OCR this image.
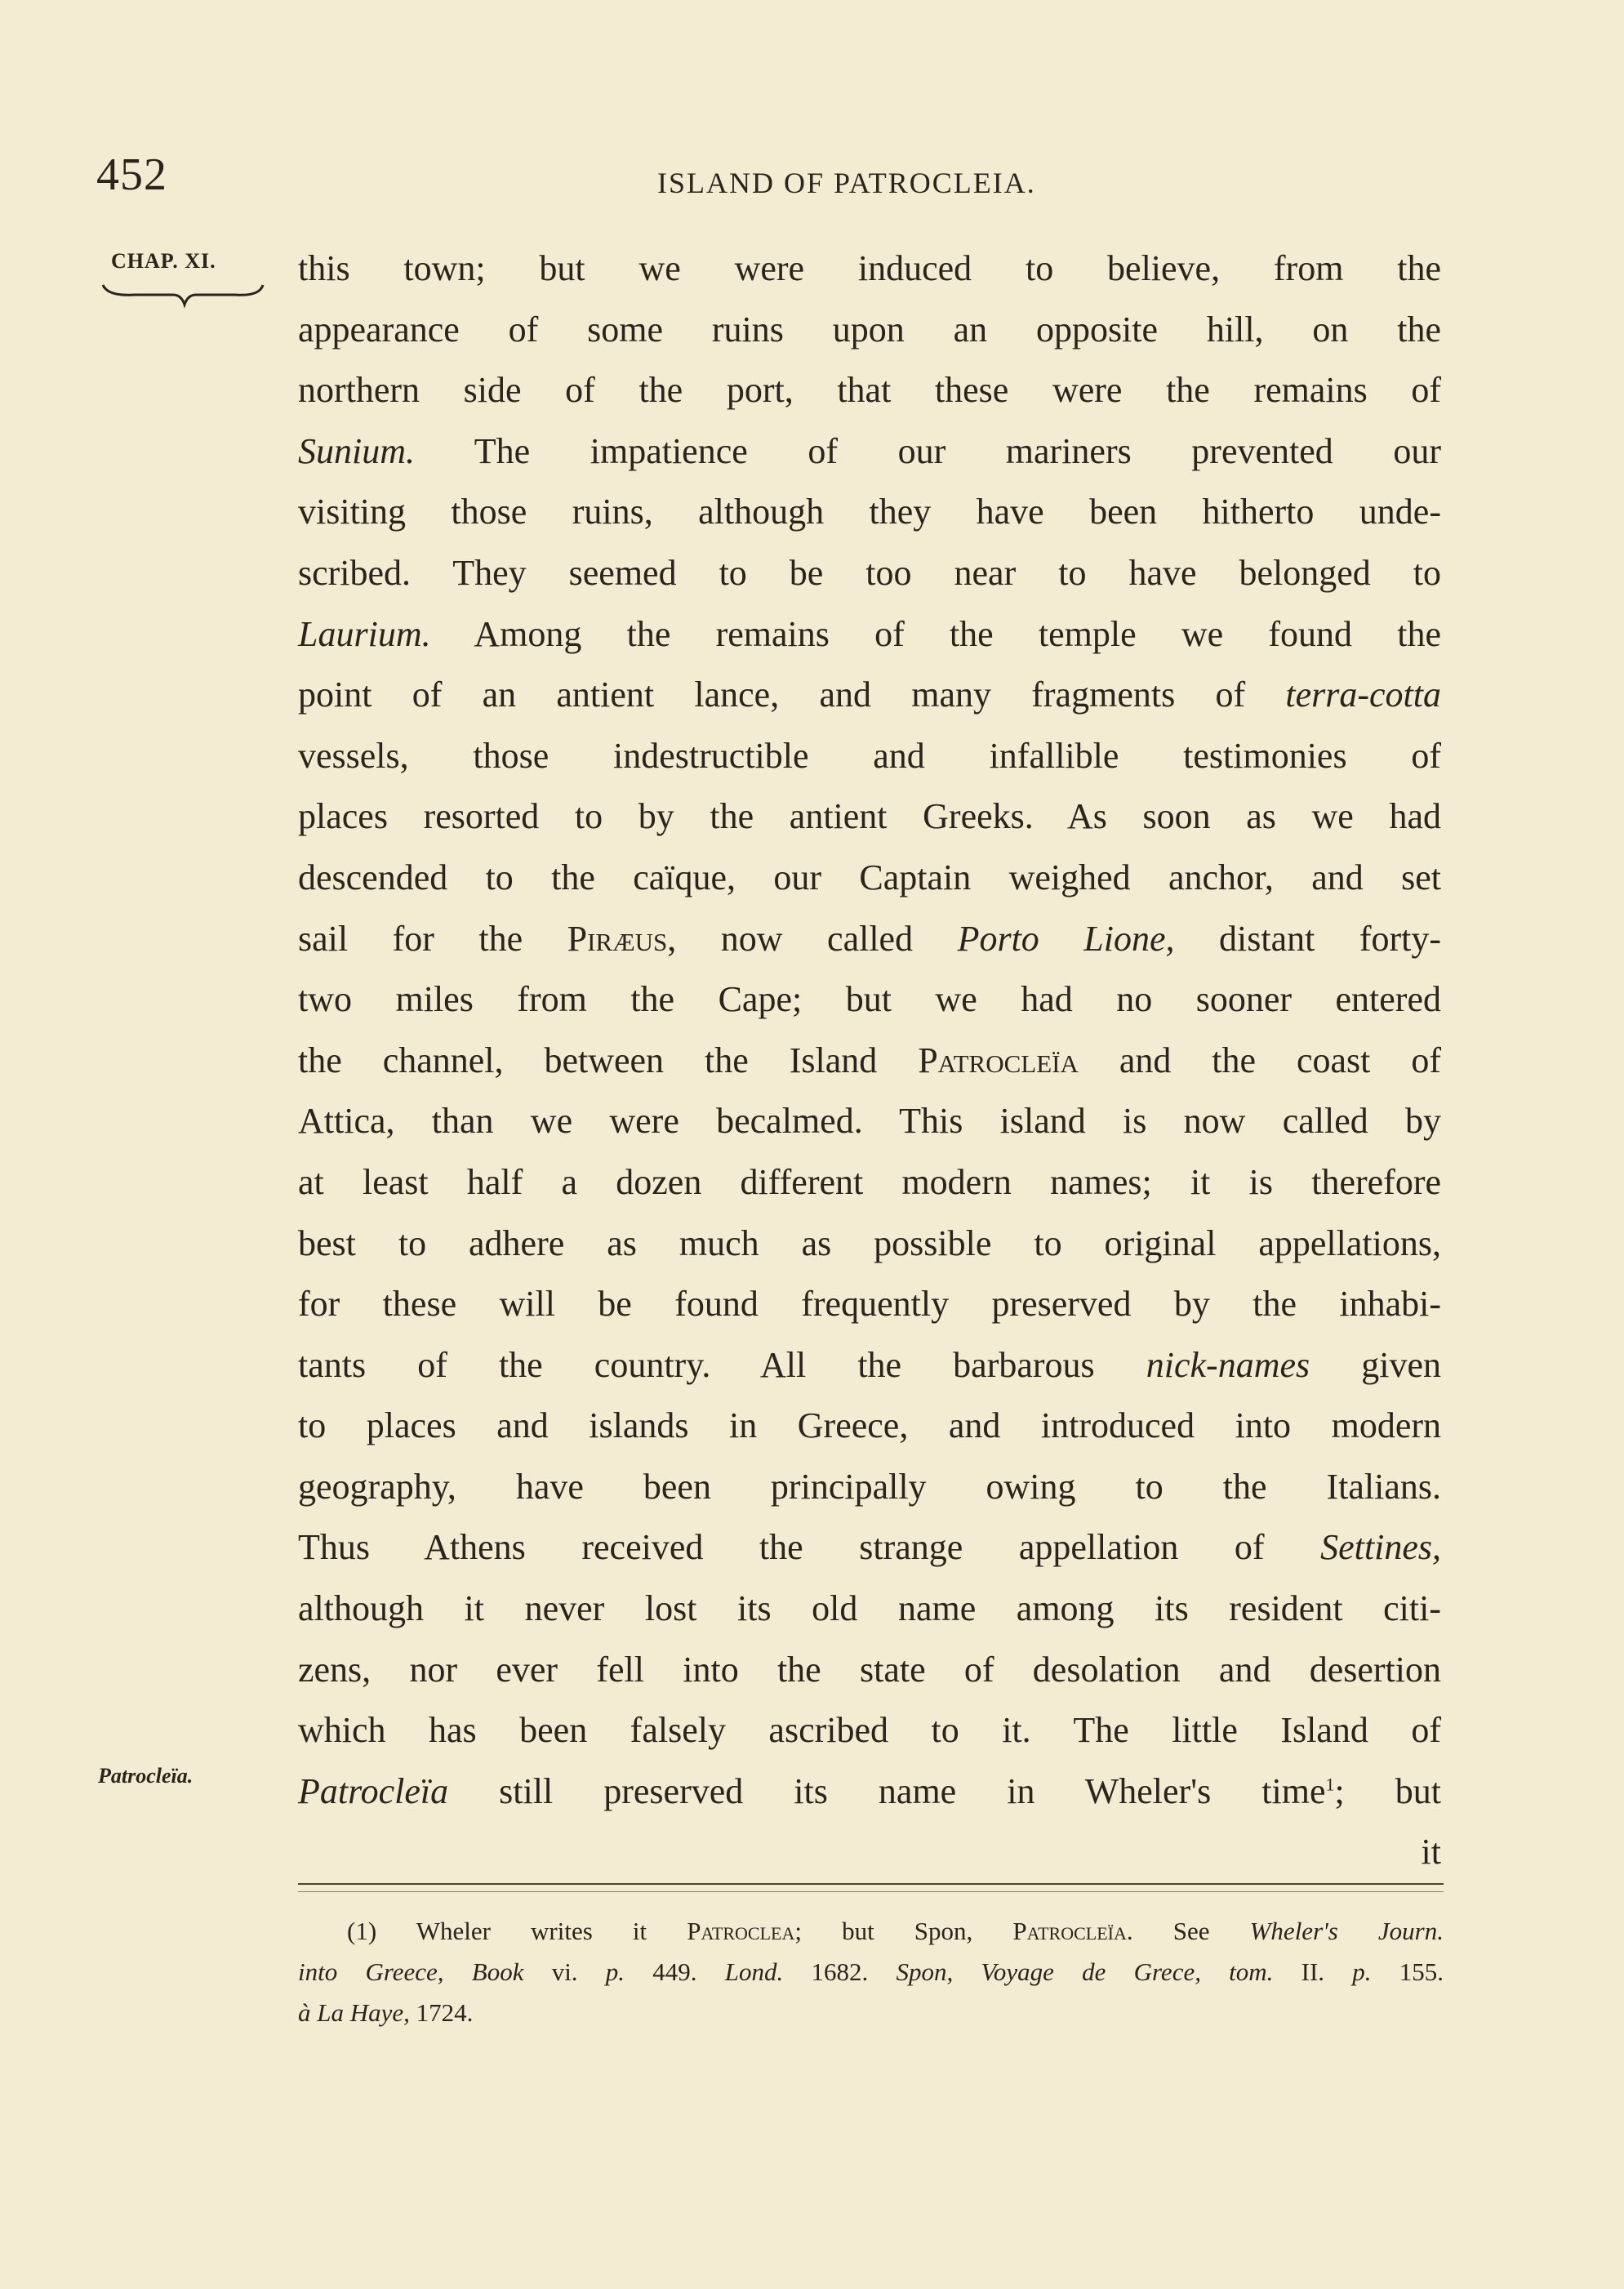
452	ISLAND OF PATROCLEIA.
CHAP. XI.
Patrocleïa.
this town; but we were induced to believe, from the
appearance of some ruins upon an opposite hill, on the
northern side of the port, that these were the remains of
Sunium. The impatience of our mariners prevented our
visiting those ruins, although they have been hitherto unde-
scribed. They seemed to be too near to have belonged to
Laurium. Among the remains of the temple we found the
point of an antient lance, and many fragments of terra-cotta
vessels, those indestructible and infallible testimonies of
places resorted to by the antient Greeks. As soon as we had
descended to the caïque, our Captain weighed anchor, and set
sail for the Piræus, now called Porto Lione, distant forty-
two miles from the Cape; but we had no sooner entered
the channel, between the Island Patrocleïa and the coast of
Attica, than we were becalmed. This island is now called by
at least half a dozen different modern names; it is therefore
best to adhere as much as possible to original appellations,
for these will be found frequently preserved by the inhabi-
tants of the country. All the barbarous nick-names given
to places and islands in Greece, and introduced into modern
geography, have been principally owing to the Italians.
Thus Athens received the strange appellation of Settines,
although it never lost its old name among its resident citi-
zens, nor ever fell into the state of desolation and desertion
which has been falsely ascribed to it. The little Island of
Patrocleïa still preserved its name in Wheler's time$^1$; but
it
(1) Wheler writes it Patroclea; but Spon, Patrocleïa. See Wheler's Journ.
into Greece, Book vi. p. 449. Lond. 1682. Spon, Voyage de Grece, tom. II. p. 155.
à La Haye, 1724.
